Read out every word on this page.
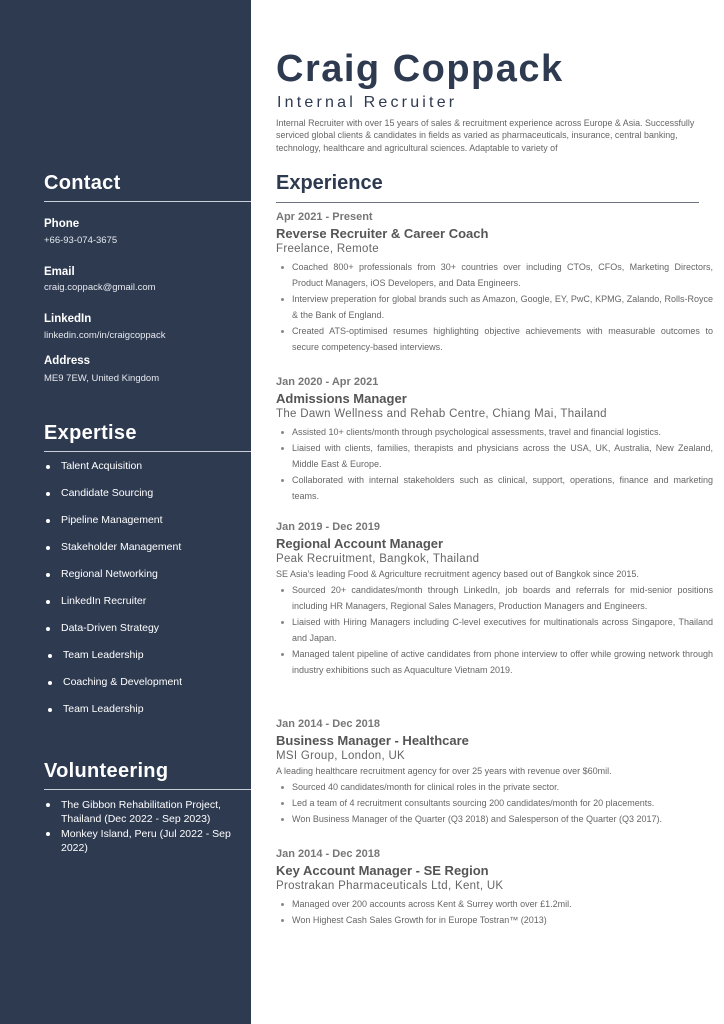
Contact
Phone
+66-93-074-3675
Email
craig.coppack@gmail.com
LinkedIn
linkedin.com/in/craigcoppack
Address
ME9 7EW, United Kingdom
Expertise
Talent Acquisition
Candidate Sourcing
Pipeline Management
Stakeholder Management
Regional Networking
LinkedIn Recruiter
Data-Driven Strategy
Team Leadership
Coaching & Development
Team Leadership
Volunteering
The Gibbon Rehabilitation Project, Thailand (Dec 2022 - Sep 2023)
Monkey Island, Peru (Jul 2022 - Sep 2022)
Craig Coppack
Internal Recruiter
Internal Recruiter with over 15 years of sales & recruitment experience across Europe & Asia. Successfully serviced global clients & candidates in fields as varied as pharmaceuticals, insurance, central banking, technology, healthcare and agricultural sciences. Adaptable to variety of
Experience
Apr 2021 - Present
Reverse Recruiter & Career Coach
Freelance, Remote
Coached 800+ professionals from 30+ countries over including CTOs, CFOs, Marketing Directors, Product Managers, iOS Developers, and Data Engineers.
Interview preperation for global brands such as Amazon, Google, EY, PwC, KPMG, Zalando, Rolls-Royce & the Bank of England.
Created ATS-optimised resumes highlighting objective achievements with measurable outcomes to secure competency-based interviews.
Jan 2020 - Apr 2021
Admissions Manager
The Dawn Wellness and Rehab Centre, Chiang Mai, Thailand
Assisted 10+ clients/month through psychological assessments, travel and financial logistics.
Liaised with clients, families, therapists and physicians across the USA, UK, Australia, New Zealand, Middle East & Europe.
Collaborated with internal stakeholders such as clinical, support, operations, finance and marketing teams.
Jan 2019 - Dec 2019
Regional Account Manager
Peak Recruitment, Bangkok, Thailand
SE Asia's leading Food & Agriculture recruitment agency based out of Bangkok since 2015.
Sourced 20+ candidates/month through LinkedIn, job boards and referrals for mid-senior positions including HR Managers, Regional Sales Managers, Production Managers and Engineers.
Liaised with Hiring Managers including C-level executives for multinationals across Singapore, Thailand and Japan.
Managed talent pipeline of active candidates from phone interview to offer while growing network through industry exhibitions such as Aquaculture Vietnam 2019.
Jan 2014 - Dec 2018
Business Manager - Healthcare
MSI Group, London, UK
A leading healthcare recruitment agency for over 25 years with revenue over $60mil.
Sourced 40 candidates/month for clinical roles in the private sector.
Led a team of 4 recruitment consultants sourcing 200 candidates/month for 20 placements.
Won Business Manager of the Quarter (Q3 2018) and Salesperson of the Quarter (Q3 2017).
Jan 2014 - Dec 2018
Key Account Manager - SE Region
Prostrakan Pharmaceuticals Ltd, Kent, UK
Managed over 200 accounts across Kent & Surrey worth over £1.2mil.
Won Highest Cash Sales Growth for in Europe Tostran™ (2013)
